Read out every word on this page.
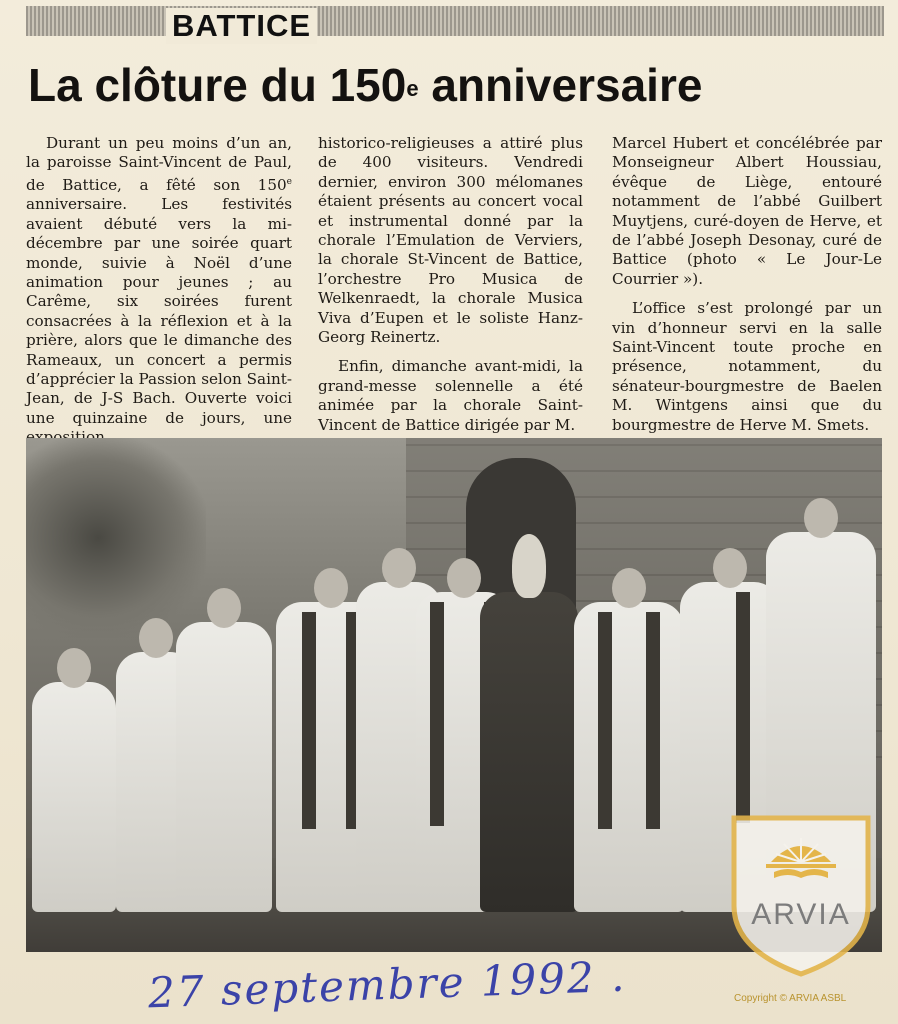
BATTICE
La clôture du 150e anniversaire

Durant un peu moins d’un an, la paroisse Saint-Vincent de Paul, de Battice, a fêté son 150e anniversaire. Les festivités avaient débuté vers la mi-décembre par une soirée quart monde, suivie à Noël d’une animation pour jeunes ; au Carême, six soirées furent consacrées à la réflexion et à la prière, alors que le dimanche des Rameaux, un concert a permis d’apprécier la Passion selon Saint-Jean, de J-S Bach. Ouverte voici une quinzaine de jours, une

historico-religieuses a attiré plus de 400 visiteurs. Vendredi dernier, environ 300 mélomanes étaient présents au concert vocal et instrumental donné par la chorale l’Emulation de Verviers, la chorale St-Vincent de Battice, l’orchestre Pro Musica de Welkenraedt, la chorale Musica Viva d’Eupen et le soliste Hanz-Georg Reinertz.

Enfin, dimanche avant-midi, la grand-messe solennelle a été animée par la chorale Saint-Vincent de Battice dirigée par M.

Marcel Hubert et concélébrée par Monseigneur Albert Houssiau, évêque de Liège, entouré notamment de l’abbé Guilbert Muytjens, curé-doyen de Herve, et de l’abbé Joseph Desonay, curé de Battice (photo « Le Jour-Le Courrier »).

L’office s’est prolongé par un vin d’honneur servi en la salle Saint-Vincent toute proche en présence, notamment, du sénateur-bourgmestre de Baelen M. Wintgens ainsi que du bourgmestre de Herve M. Smets.

ARVIA
27 septembre 1992 .	Copyright © ARVIA ASBL
